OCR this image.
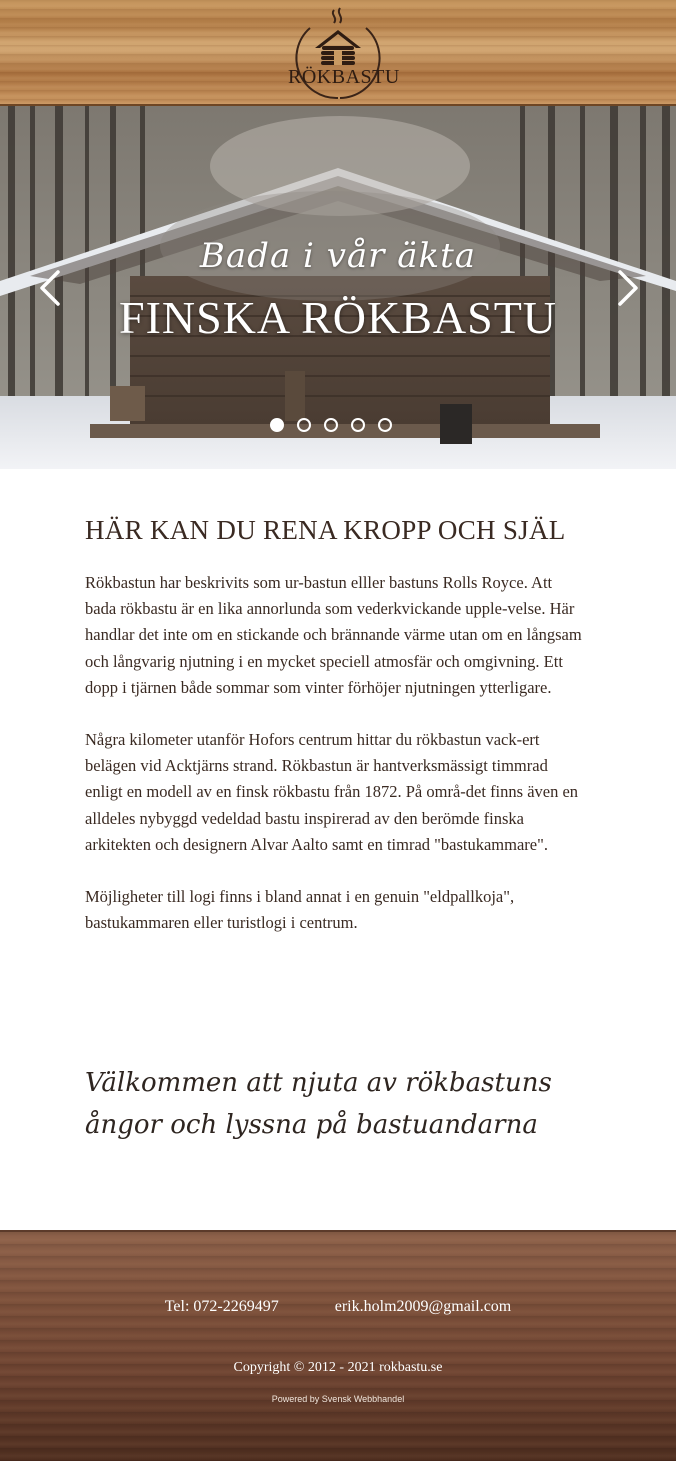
RÖKBASTU
Bada i vår äkta
FINSKA RÖKBASTU
HÄR KAN DU RENA KROPP OCH SJÄL

Rökbastun har beskrivits som ur-bastun elller bastuns Rolls Royce. Att bada rökbastu är en lika annorlunda som vederkvickande upple-velse. Här handlar det inte om en stickande och brännande värme utan om en långsam och långvarig njutning i en mycket speciell atmosfär och omgivning. Ett dopp i tjärnen både sommar som vinter förhöjer njutningen ytterligare.

Några kilometer utanför Hofors centrum hittar du rökbastun vack-ert belägen vid Acktjärns strand. Rökbastun är hantverksmässigt timmrad enligt en modell av en finsk rökbastu från 1872. På områ-det finns även en alldeles nybyggd vedeldad bastu inspirerad av den berömde finska arkitekten och designern Alvar Aalto samt en timrad "bastukammare".

Möjligheter till logi finns i bland annat i en genuin "eldpallkoja", bastukammaren eller turistlogi i centrum.

Välkommen att njuta av rökbastuns
ångor och lyssna på bastuandarna
Tel: 072-2269497	erik.holm2009@gmail.com
Copyright © 2012 - 2021 rokbastu.se
Powered by Svensk Webbhandel
